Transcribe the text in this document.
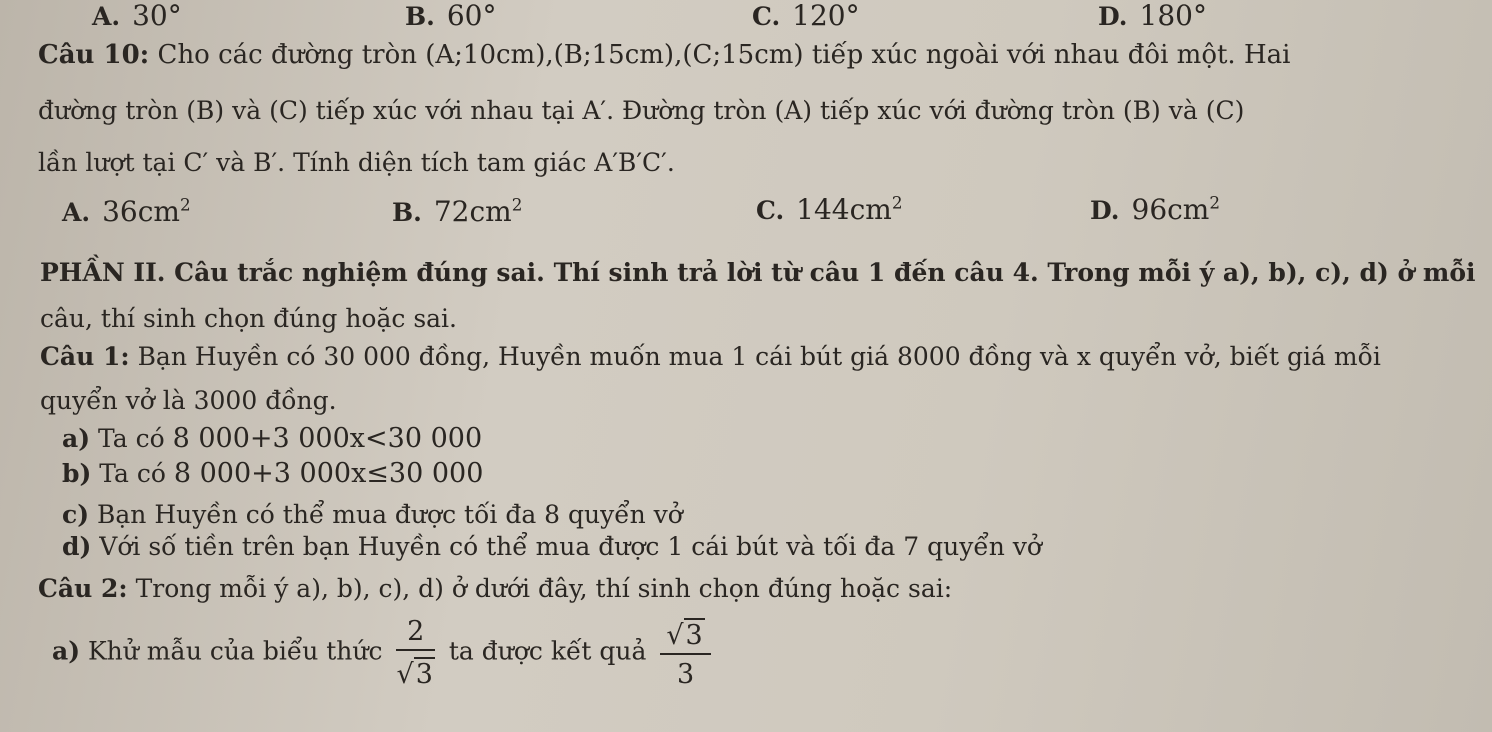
A. 30°	B. 60°	C. 120°	D. 180°
Câu 10: Cho các đường tròn (A;10cm),(B;15cm),(C;15cm) tiếp xúc ngoài với nhau đôi một. Hai
đường tròn (B) và (C) tiếp xúc với nhau tại A′. Đường tròn (A) tiếp xúc với đường tròn (B) và (C)
lần lượt tại C′ và B′. Tính diện tích tam giác A′B′C′.
A. $36cm^2$	B. $72cm^2$	C. $144cm^2$	D. $96cm^2$
PHẦN II. Câu trắc nghiệm đúng sai. Thí sinh trả lời từ câu 1 đến câu 4. Trong mỗi ý a), b), c), d) ở mỗi
câu, thí sinh chọn đúng hoặc sai.
Câu 1: Bạn Huyền có 30 000 đồng, Huyền muốn mua 1 cái bút giá 8000 đồng và x quyển vở, biết giá mỗi
quyển vở là 3000 đồng.
a) Ta có 8 000+3 000x<30 000
b) Ta có 8 000+3 000x≤30 000
c) Bạn Huyền có thể mua được tối đa 8 quyển vở
d) Với số tiền trên bạn Huyền có thể mua được 1 cái bút và tối đa 7 quyển vở
Câu 2: Trong mỗi ý a), b), c), d) ở dưới đây, thí sinh chọn đúng hoặc sai:
a) Khử mẫu của biểu thức $\frac{2}{√3}$ ta được kết quả $\frac{√3}{3}$
